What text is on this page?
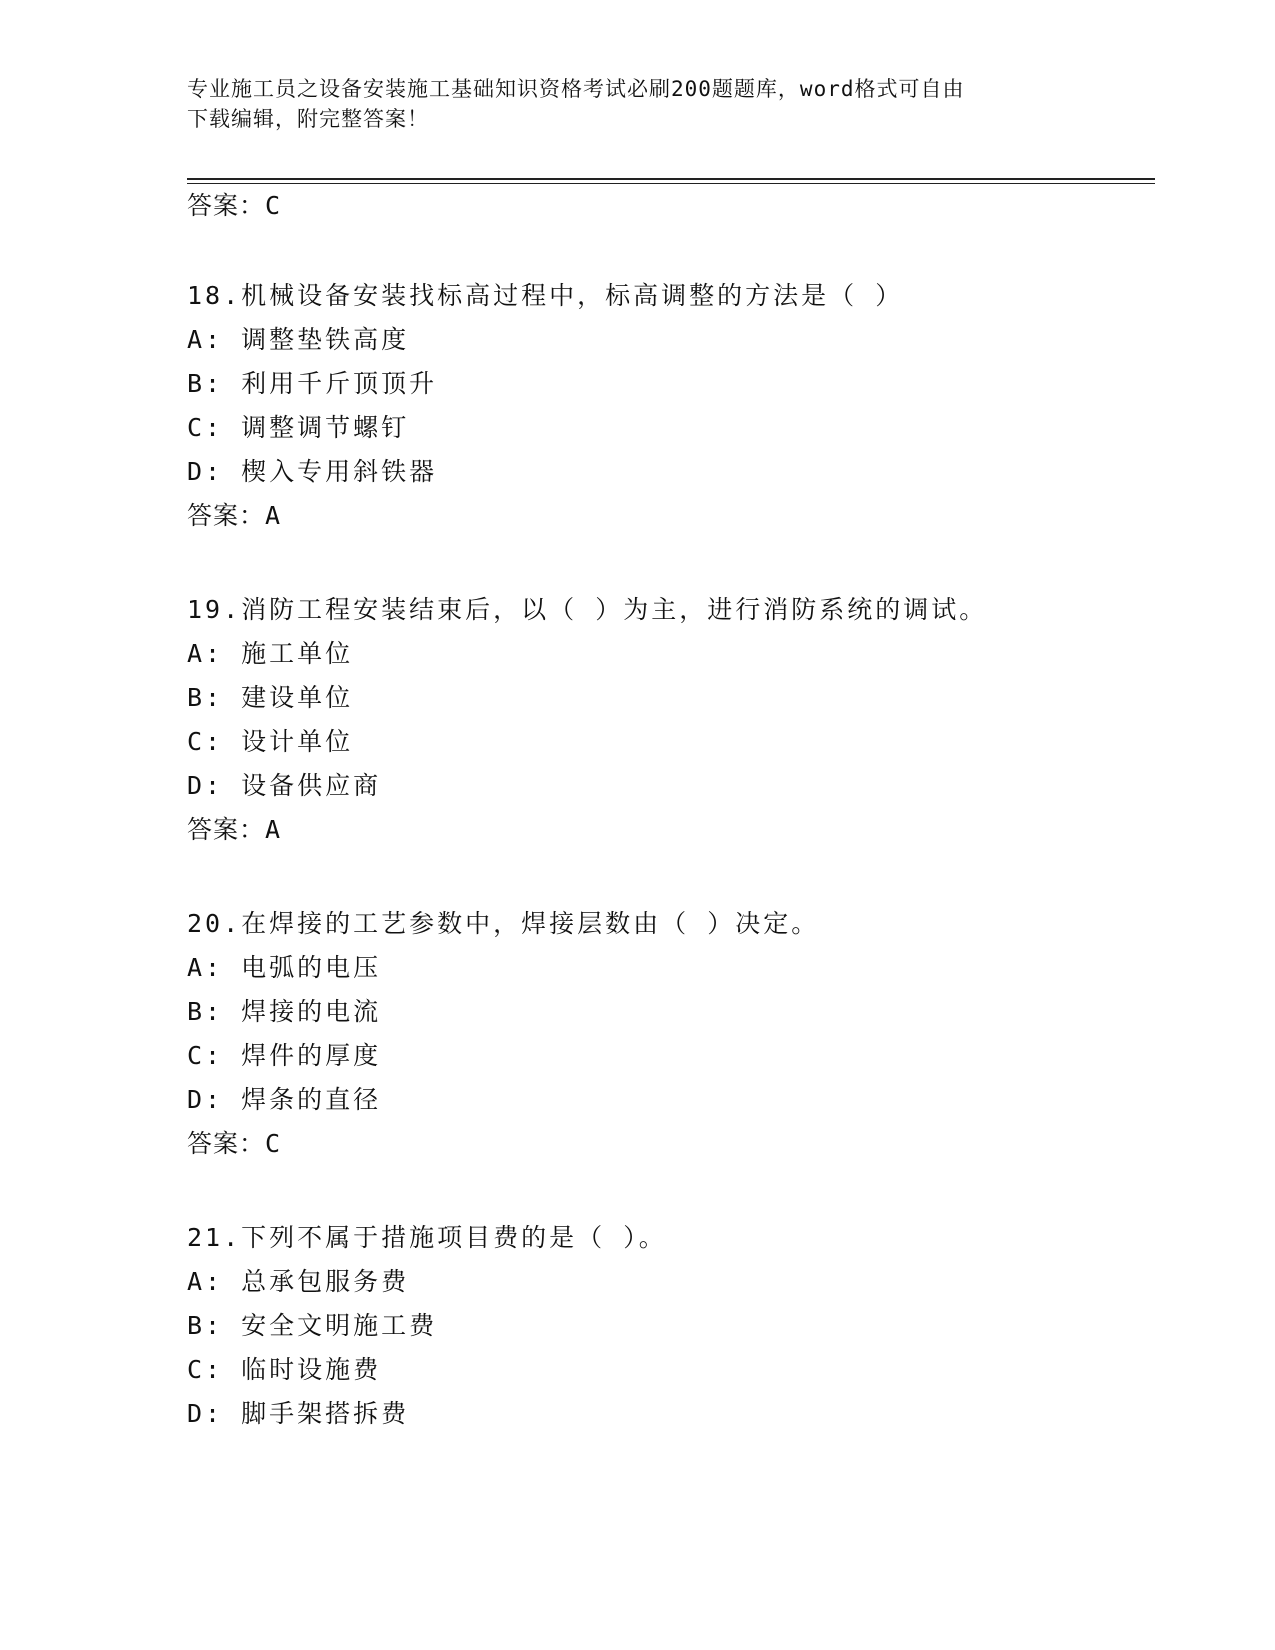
专业施工员之设备安装施工基础知识资格考试必刷200题题库，word格式可自由
下载编辑，附完整答案！
答案：C
18.机械设备安装找标高过程中，标高调整的方法是（ ）
A: 调整垫铁高度
B: 利用千斤顶顶升
C: 调整调节螺钉
D: 楔入专用斜铁器
答案：A
19.消防工程安装结束后，以（ ）为主，进行消防系统的调试。
A: 施工单位
B: 建设单位
C: 设计单位
D: 设备供应商
答案：A
20.在焊接的工艺参数中，焊接层数由（ ）决定。
A: 电弧的电压
B: 焊接的电流
C: 焊件的厚度
D: 焊条的直径
答案：C
21.下列不属于措施项目费的是（ ）。
A: 总承包服务费
B: 安全文明施工费
C: 临时设施费
D: 脚手架搭拆费
